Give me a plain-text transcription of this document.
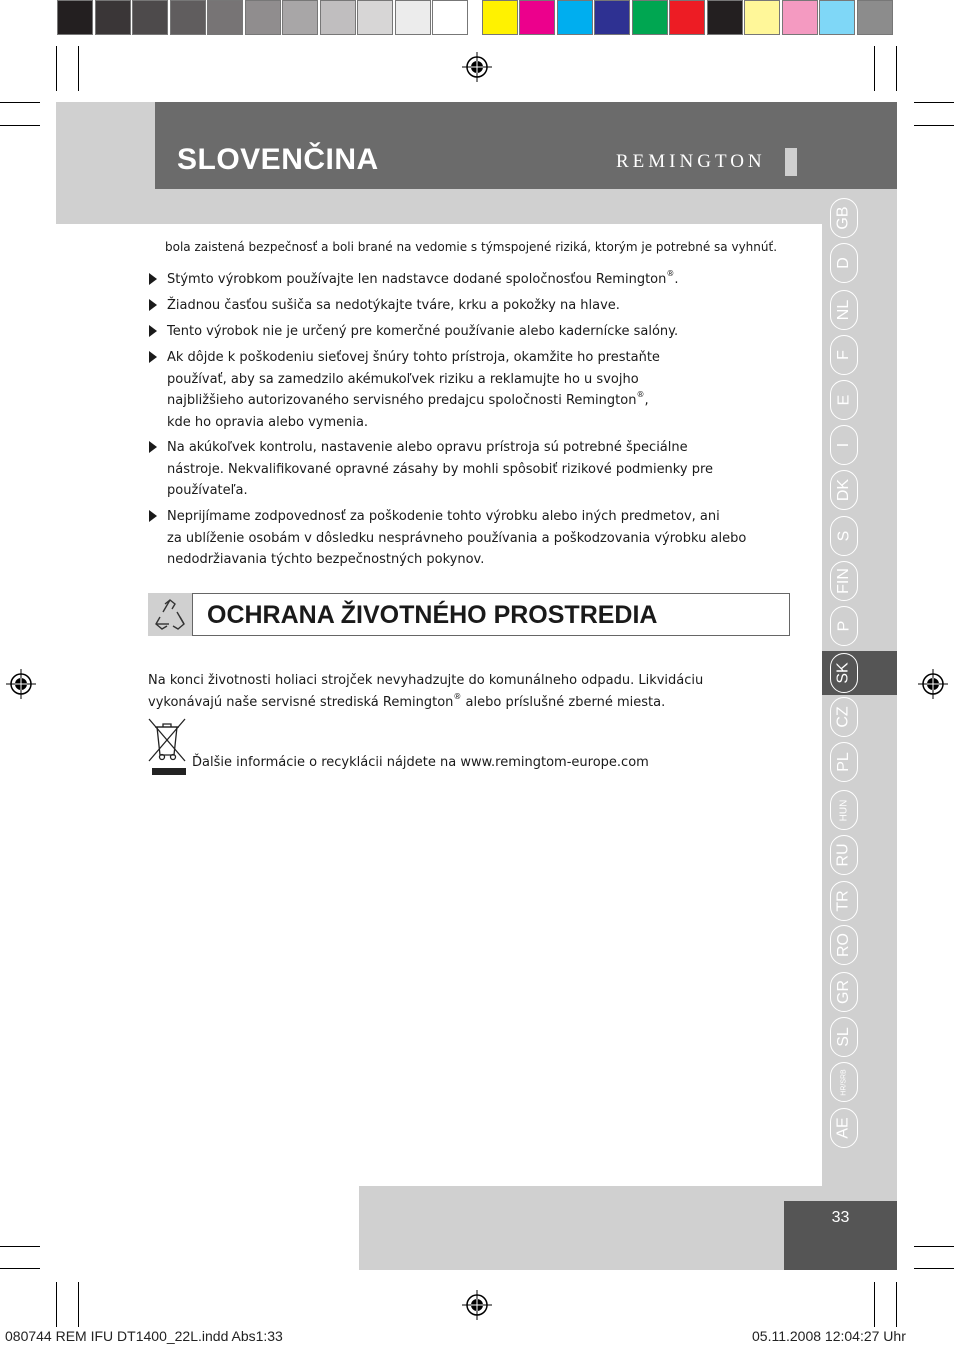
SLOVENČINA	REMINGTON
GB
D
NL
F
E
I
DK
S
FIN
P
SK
CZ
PL
HUN
RU
TR
RO
GR
SL
HR/SRB
AE
bola zaistená bezpečnosť a boli brané na vedomie s týmspojené riziká, ktorým je potrebné sa vyhnúť.
Stýmto výrobkom používajte len nadstavce dodané spoločnosťou Remington®.
Žiadnou časťou sušiča sa nedotýkajte tváre, krku a pokožky na hlave.
Tento výrobok nie je určený pre komerčné používanie alebo kadernícke salóny.
Ak dôjde k poškodeniu sieťovej šnúry tohto prístroja, okamžite ho prestaňte
používať, aby sa zamedzilo akémukoľvek riziku a reklamujte ho u svojho
najbližšieho autorizovaného servisného predajcu spoločnosti Remington®,
kde ho opravia alebo vymenia.
Na akúkoľvek kontrolu, nastavenie alebo opravu prístroja sú potrebné špeciálne
nástroje. Nekvalifikované opravné zásahy by mohli spôsobiť rizikové podmienky pre
používateľa.
Neprijímame zodpovednosť za poškodenie tohto výrobku alebo iných predmetov, ani
za ublíženie osobám v dôsledku nesprávneho používania a poškodzovania výrobku alebo
nedodržiavania týchto bezpečnostných pokynov.
OCHRANA ŽIVOTNÉHO PROSTREDIA
Na konci životnosti holiaci strojček nevyhadzujte do komunálneho odpadu. Likvidáciu
vykonávajú naše servisné strediská Remington® alebo príslušné zberné miesta.
Ďalšie informácie o recyklácii nájdete na www.remingtom-europe.com
33
080744 REM IFU DT1400_22L.indd Abs1:33	05.11.2008 12:04:27 Uhr
